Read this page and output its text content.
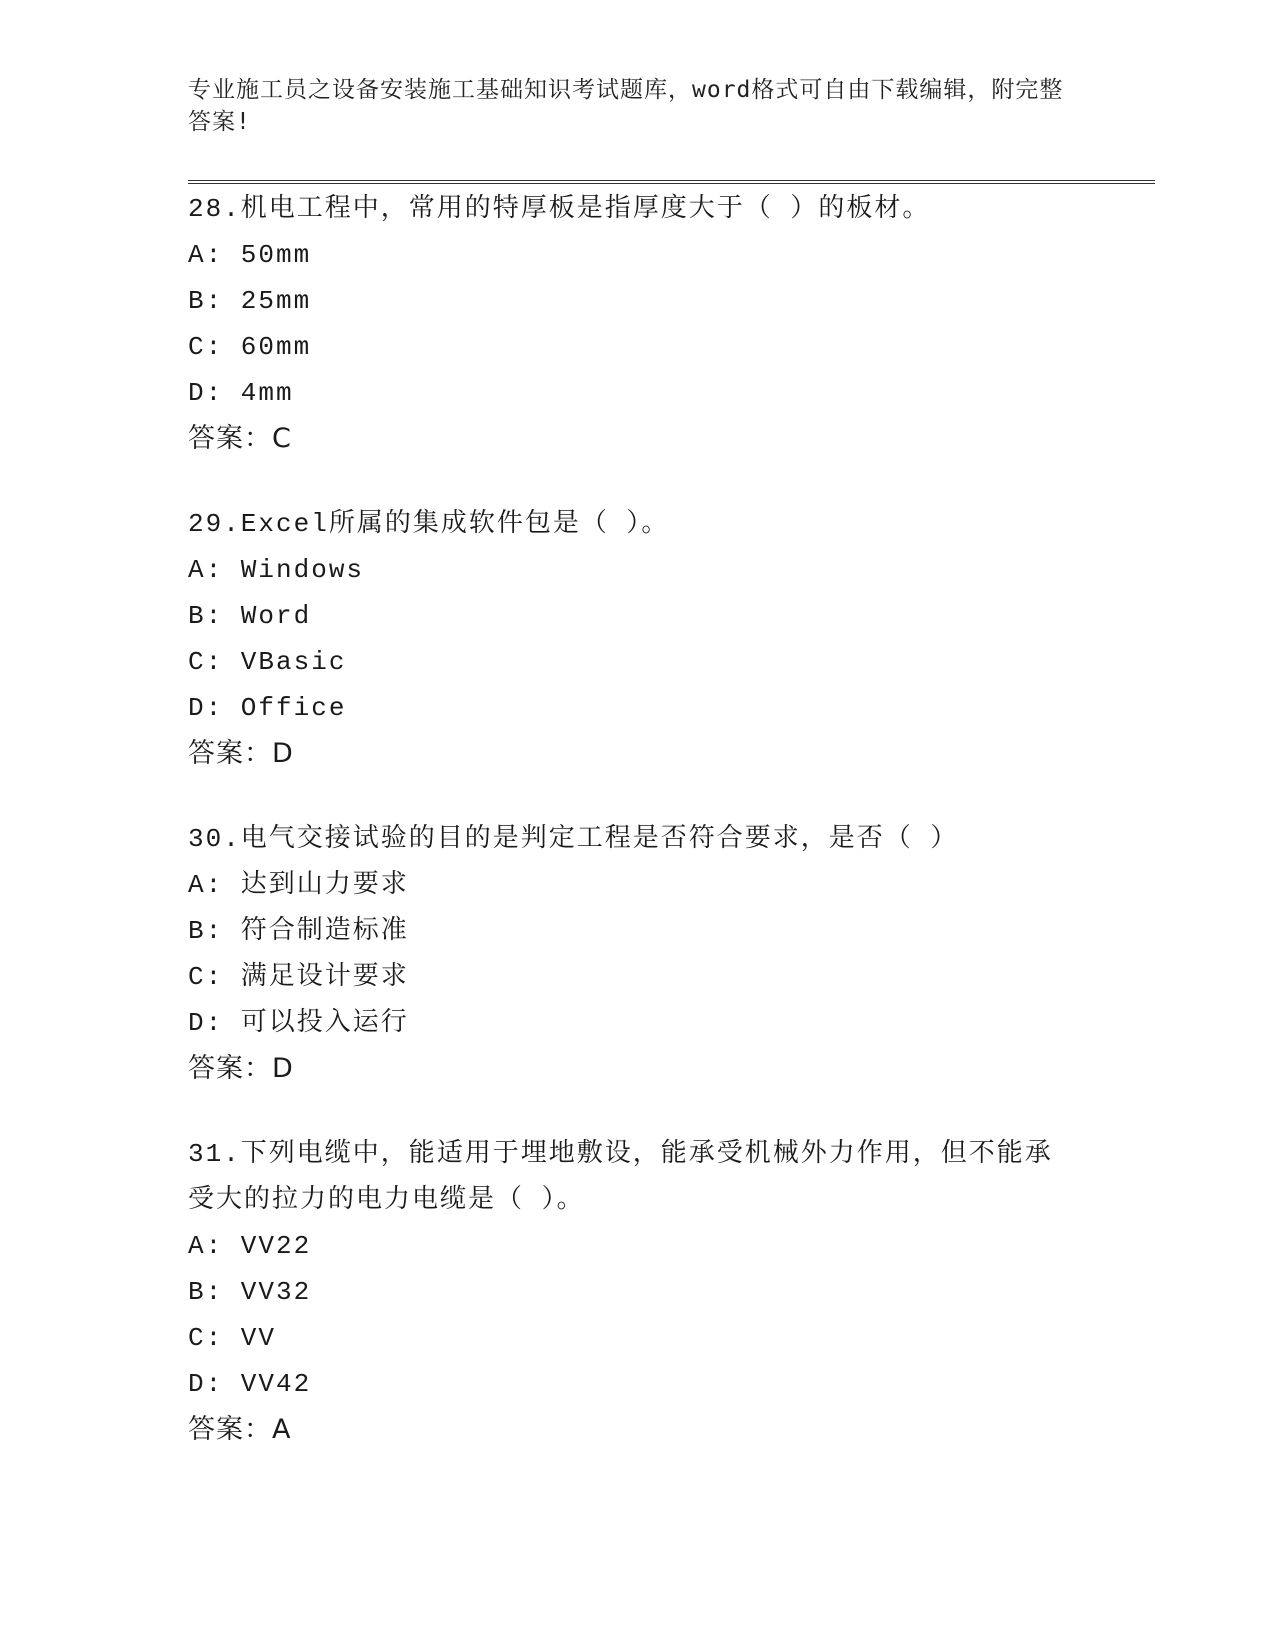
专业施工员之设备安装施工基础知识考试题库，word格式可自由下载编辑，附完整答案!

28.机电工程中，常用的特厚板是指厚度大于（ ）的板材。

A: 50mm

B: 25mm

C: 60mm

D: 4mm

答案：C

29.Excel所属的集成软件包是（ ）。

A: Windows

B: Word

C: VBasic

D: Office

答案：D

30.电气交接试验的目的是判定工程是否符合要求，是否（ ）

A: 达到山力要求

B: 符合制造标准

C: 满足设计要求

D: 可以投入运行

答案：D

31.下列电缆中，能适用于埋地敷设，能承受机械外力作用，但不能承受大的拉力的电力电缆是（ ）。

A: VV22

B: VV32

C: VV

D: VV42

答案：A
